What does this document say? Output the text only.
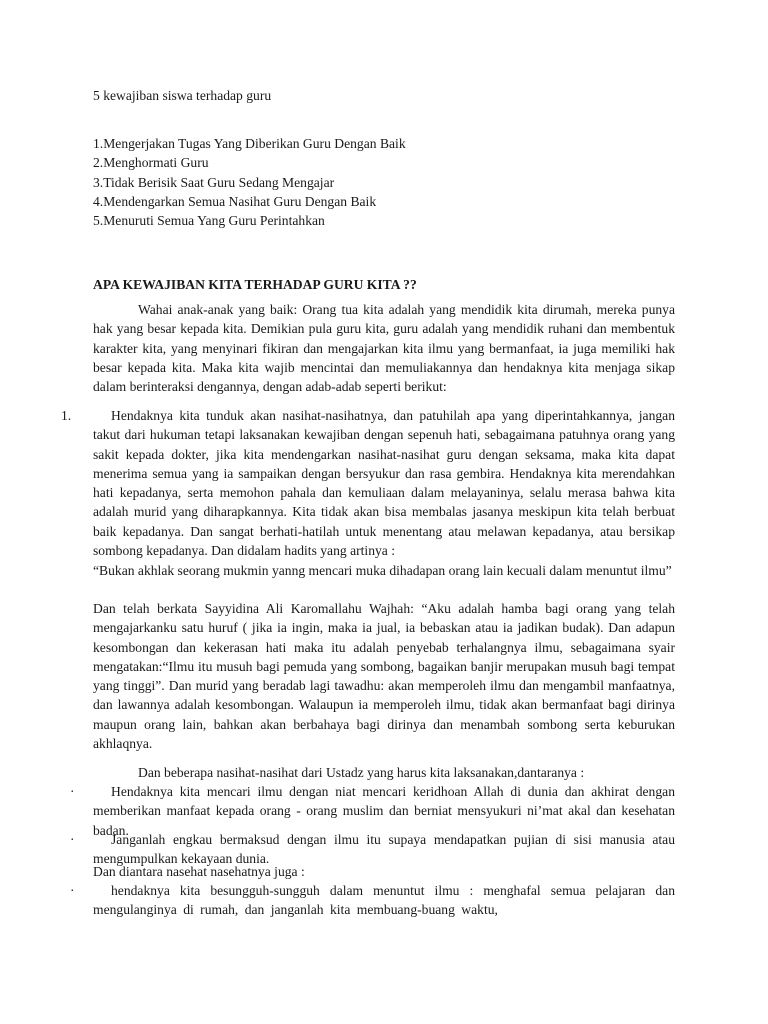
5 kewajiban siswa terhadap guru
1.Mengerjakan Tugas Yang Diberikan Guru Dengan Baik
2.Menghormati Guru
3.Tidak Berisik Saat Guru Sedang Mengajar
4.Mendengarkan Semua Nasihat Guru Dengan Baik
5.Menuruti Semua Yang Guru Perintahkan
APA KEWAJIBAN KITA TERHADAP GURU KITA ??
Wahai anak-anak yang baik: Orang tua kita adalah yang mendidik kita dirumah, mereka punya hak yang besar kepada kita. Demikian pula guru kita, guru adalah yang mendidik ruhani dan membentuk karakter kita, yang menyinari fikiran dan mengajarkan kita ilmu yang bermanfaat, ia juga memiliki hak besar kepada kita. Maka kita wajib mencintai dan memuliakannya dan hendaknya kita menjaga sikap dalam berinteraksi dengannya, dengan adab-adab seperti berikut:
1.	Hendaknya kita tunduk akan nasihat-nasihatnya, dan patuhilah apa yang diperintahkannya, jangan takut dari hukuman tetapi laksanakan kewajiban dengan sepenuh hati, sebagaimana patuhnya orang yang sakit kepada dokter, jika kita mendengarkan nasihat-nasihat guru dengan seksama, maka kita dapat menerima semua yang ia sampaikan dengan bersyukur dan rasa gembira. Hendaknya kita merendahkan hati kepadanya, serta memohon pahala dan kemuliaan dalam melayaninya, selalu merasa bahwa kita adalah murid yang diharapkannya. Kita tidak akan bisa membalas jasanya meskipun kita telah berbuat baik kepadanya. Dan sangat berhati-hatilah untuk menentang atau melawan kepadanya, atau bersikap sombong kepadanya. Dan didalam hadits yang artinya :
“Bukan akhlak seorang mukmin yanng mencari muka dihadapan orang lain kecuali dalam menuntut ilmu”
Dan telah berkata Sayyidina Ali Karomallahu Wajhah: “Aku adalah hamba bagi orang yang telah mengajarkanku satu huruf ( jika ia ingin, maka ia jual, ia bebaskan atau ia jadikan budak). Dan adapun kesombongan dan kekerasan hati maka itu adalah penyebab terhalangnya ilmu, sebagaimana syair mengatakan:“Ilmu itu musuh bagi pemuda yang sombong, bagaikan banjir merupakan musuh bagi tempat yang tinggi”. Dan murid yang beradab lagi tawadhu: akan memperoleh ilmu dan mengambil manfaatnya, dan lawannya adalah kesombongan. Walaupun ia memperoleh ilmu, tidak akan bermanfaat bagi dirinya maupun orang lain, bahkan akan berbahaya bagi dirinya dan menambah sombong serta keburukan akhlaqnya.
Dan beberapa nasihat-nasihat dari Ustadz yang harus kita laksanakan,dantaranya :
·	Hendaknya kita mencari ilmu dengan niat mencari keridhoan Allah di dunia dan akhirat dengan memberikan manfaat kepada orang - orang muslim dan berniat mensyukuri ni’mat akal dan kesehatan badan.
·	Janganlah engkau bermaksud dengan ilmu itu supaya mendapatkan pujian di sisi manusia atau mengumpulkan kekayaan dunia.
Dan diantara nasehat nasehatnya juga :
·	hendaknya kita besungguh-sungguh dalam menuntut ilmu : menghafal semua pelajaran dan mengulanginya di rumah, dan janganlah kita membuang-buang waktu,
